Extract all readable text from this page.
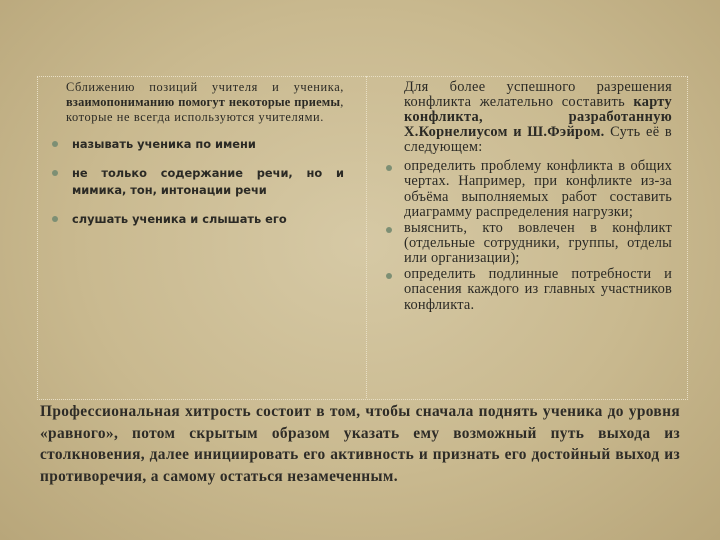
Сближению позиций учителя и ученика, взаимопониманию помогут некоторые приемы, которые не всегда используются учителями.

называть ученика по имени
не только содержание речи, но и мимика, тон, интонации речи
слушать ученика и слышать его

Для более успешного разрешения конфликта желательно составить карту конфликта, разработанную Х.Корнелиусом и Ш.Фэйром. Суть её в следующем:

определить проблему конфликта в общих чертах. Например, при конфликте из-за объёма выполняемых работ составить диаграмму распределения нагрузки;
выяснить, кто вовлечен в конфликт (отдельные сотрудники, группы, отделы или организации);
определить подлинные потребности и опасения каждого из главных участников конфликта.

Профессиональная хитрость состоит в том, чтобы сначала поднять ученика до уровня «равного», потом скрытым образом указать ему возможный путь выхода из столкновения, далее инициировать его активность и признать его достойный выход из противоречия, а самому остаться незамеченным.
